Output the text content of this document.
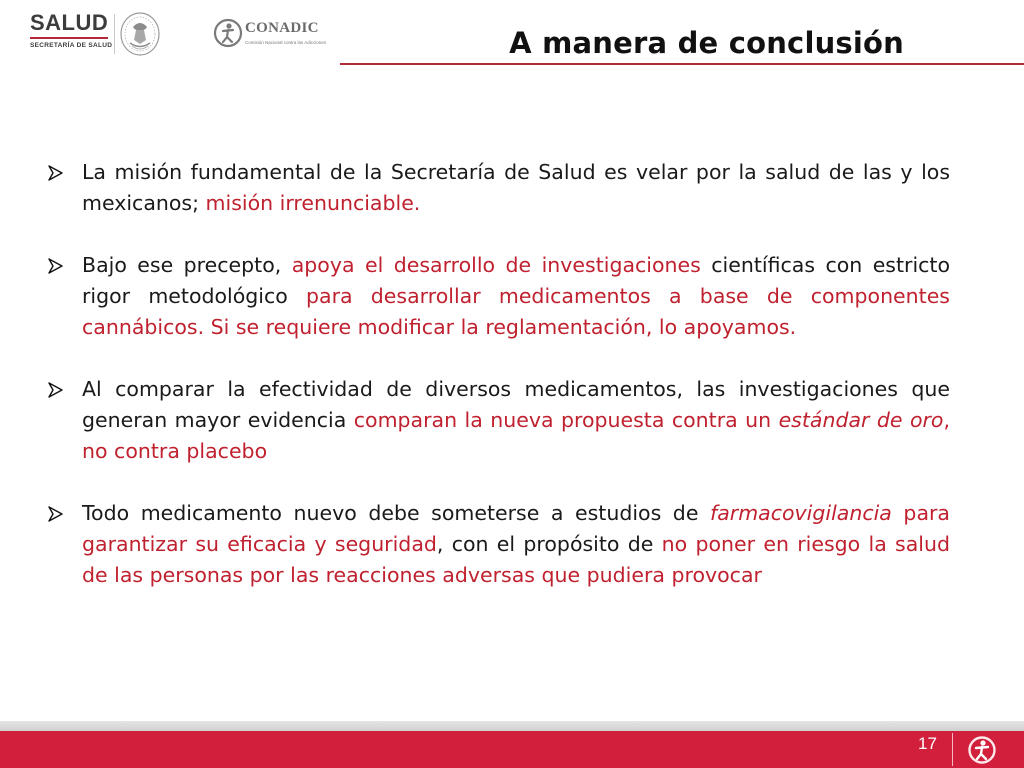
SALUD
SECRETARÍA DE SALUD
CONADIC
Comisión Nacional contra las Adicciones	A manera de conclusión
La misión fundamental de la Secretaría de Salud es velar por la salud de las y los mexicanos; misión irrenunciable.
Bajo ese precepto, apoya el desarrollo de investigaciones científicas con estricto rigor metodológico para desarrollar medicamentos a base de componentes cannábicos. Si se requiere modificar la reglamentación, lo apoyamos.
Al comparar la efectividad de diversos medicamentos, las investigaciones que generan mayor evidencia comparan la nueva propuesta contra un estándar de oro, no contra placebo
Todo medicamento nuevo debe someterse a estudios de farmacovigilancia para garantizar su eficacia y seguridad, con el propósito de no poner en riesgo la salud de las personas por las reacciones adversas que pudiera provocar
17
